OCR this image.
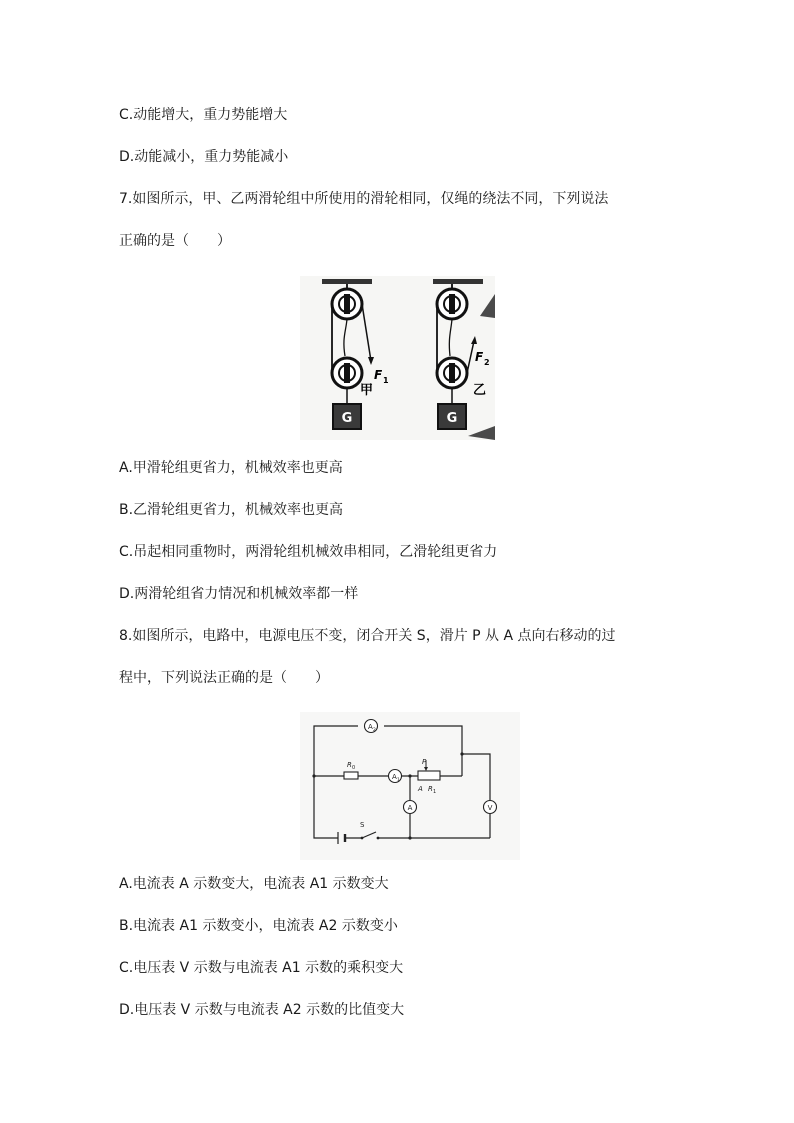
C.动能增大，重力势能增大
D.动能减小，重力势能减小
7.如图所示，甲、乙两滑轮组中所使用的滑轮相同，仅绳的绕法不同，下列说法
正确的是（　　）
F 1
甲
G
F 2
乙
G
A.甲滑轮组更省力，机械效率也更高
B.乙滑轮组更省力，机械效率也更高
C.吊起相同重物时，两滑轮组机械效串相同，乙滑轮组更省力
D.两滑轮组省力情况和机械效率都一样
8.如图所示，电路中，电源电压不变，闭合开关 S，滑片 P 从 A 点向右移动的过
程中，下列说法正确的是（　　）
P
A R 1
R 0
A 2
A 1
A	V
S
A.电流表 A 示数变大，电流表 A1 示数变大
B.电流表 A1 示数变小，电流表 A2 示数变小
C.电压表 V 示数与电流表 A1 示数的乘积变大
D.电压表 V 示数与电流表 A2 示数的比值变大
